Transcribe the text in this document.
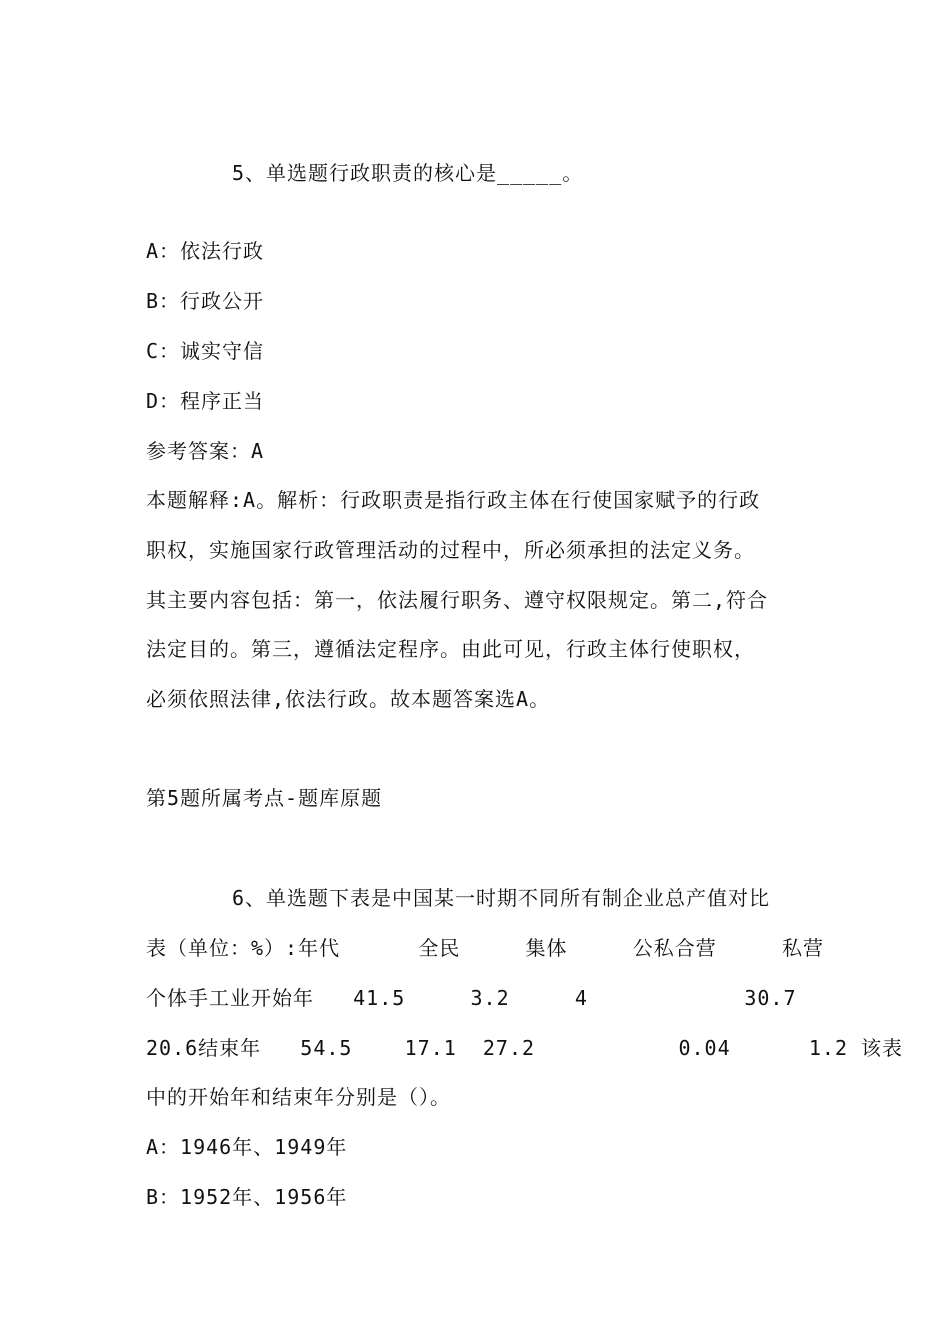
5、单选题行政职责的核心是_____。
A：依法行政
B：行政公开
C：诚实守信
D：程序正当
参考答案：A
本题解释:A。解析：行政职责是指行政主体在行使国家赋予的行政
职权，实施国家行政管理活动的过程中，所必须承担的法定义务。
其主要内容包括：第一，依法履行职务、遵守权限规定。第二,符合
法定目的。第三，遵循法定程序。由此可见，行政主体行使职权，
必须依照法律,依法行政。故本题答案选A。
第5题所属考点-题库原题
6、单选题下表是中国某一时期不同所有制企业总产值对比
表（单位：%）:年代      全民     集体     公私合营     私营
个体手工业开始年   41.5     3.2     4            30.7
20.6结束年   54.5    17.1  27.2           0.04      1.2 该表
中的开始年和结束年分别是（）。
A：1946年、1949年
B：1952年、1956年
